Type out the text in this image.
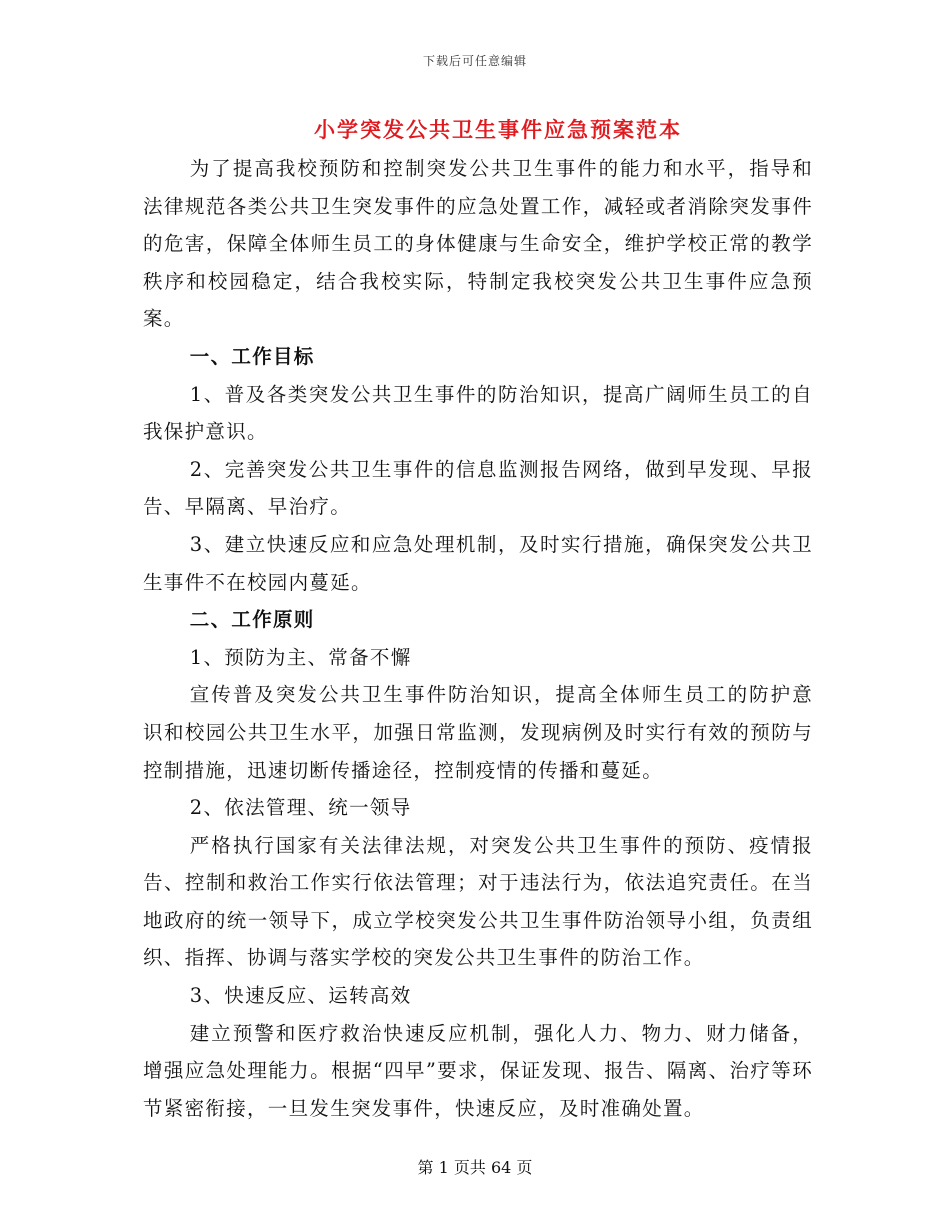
下载后可任意编辑
小学突发公共卫生事件应急预案范本

为了提高我校预防和控制突发公共卫生事件的能力和水平，指导和法律规范各类公共卫生突发事件的应急处置工作，减轻或者消除突发事件的危害，保障全体师生员工的身体健康与生命安全，维护学校正常的教学秩序和校园稳定，结合我校实际，特制定我校突发公共卫生事件应急预案。

一、工作目标

1、普及各类突发公共卫生事件的防治知识，提高广阔师生员工的自我保护意识。

2、完善突发公共卫生事件的信息监测报告网络，做到早发现、早报告、早隔离、早治疗。

3、建立快速反应和应急处理机制，及时实行措施，确保突发公共卫生事件不在校园内蔓延。

二、工作原则

1、预防为主、常备不懈

宣传普及突发公共卫生事件防治知识，提高全体师生员工的防护意识和校园公共卫生水平，加强日常监测，发现病例及时实行有效的预防与控制措施，迅速切断传播途径，控制疫情的传播和蔓延。

2、依法管理、统一领导

严格执行国家有关法律法规，对突发公共卫生事件的预防、疫情报告、控制和救治工作实行依法管理；对于违法行为，依法追究责任。在当地政府的统一领导下，成立学校突发公共卫生事件防治领导小组，负责组织、指挥、协调与落实学校的突发公共卫生事件的防治工作。

3、快速反应、运转高效

建立预警和医疗救治快速反应机制，强化人力、物力、财力储备，增强应急处理能力。根据“四早”要求，保证发现、报告、隔离、治疗等环节紧密衔接，一旦发生突发事件，快速反应，及时准确处置。

第 1 页共 64 页
